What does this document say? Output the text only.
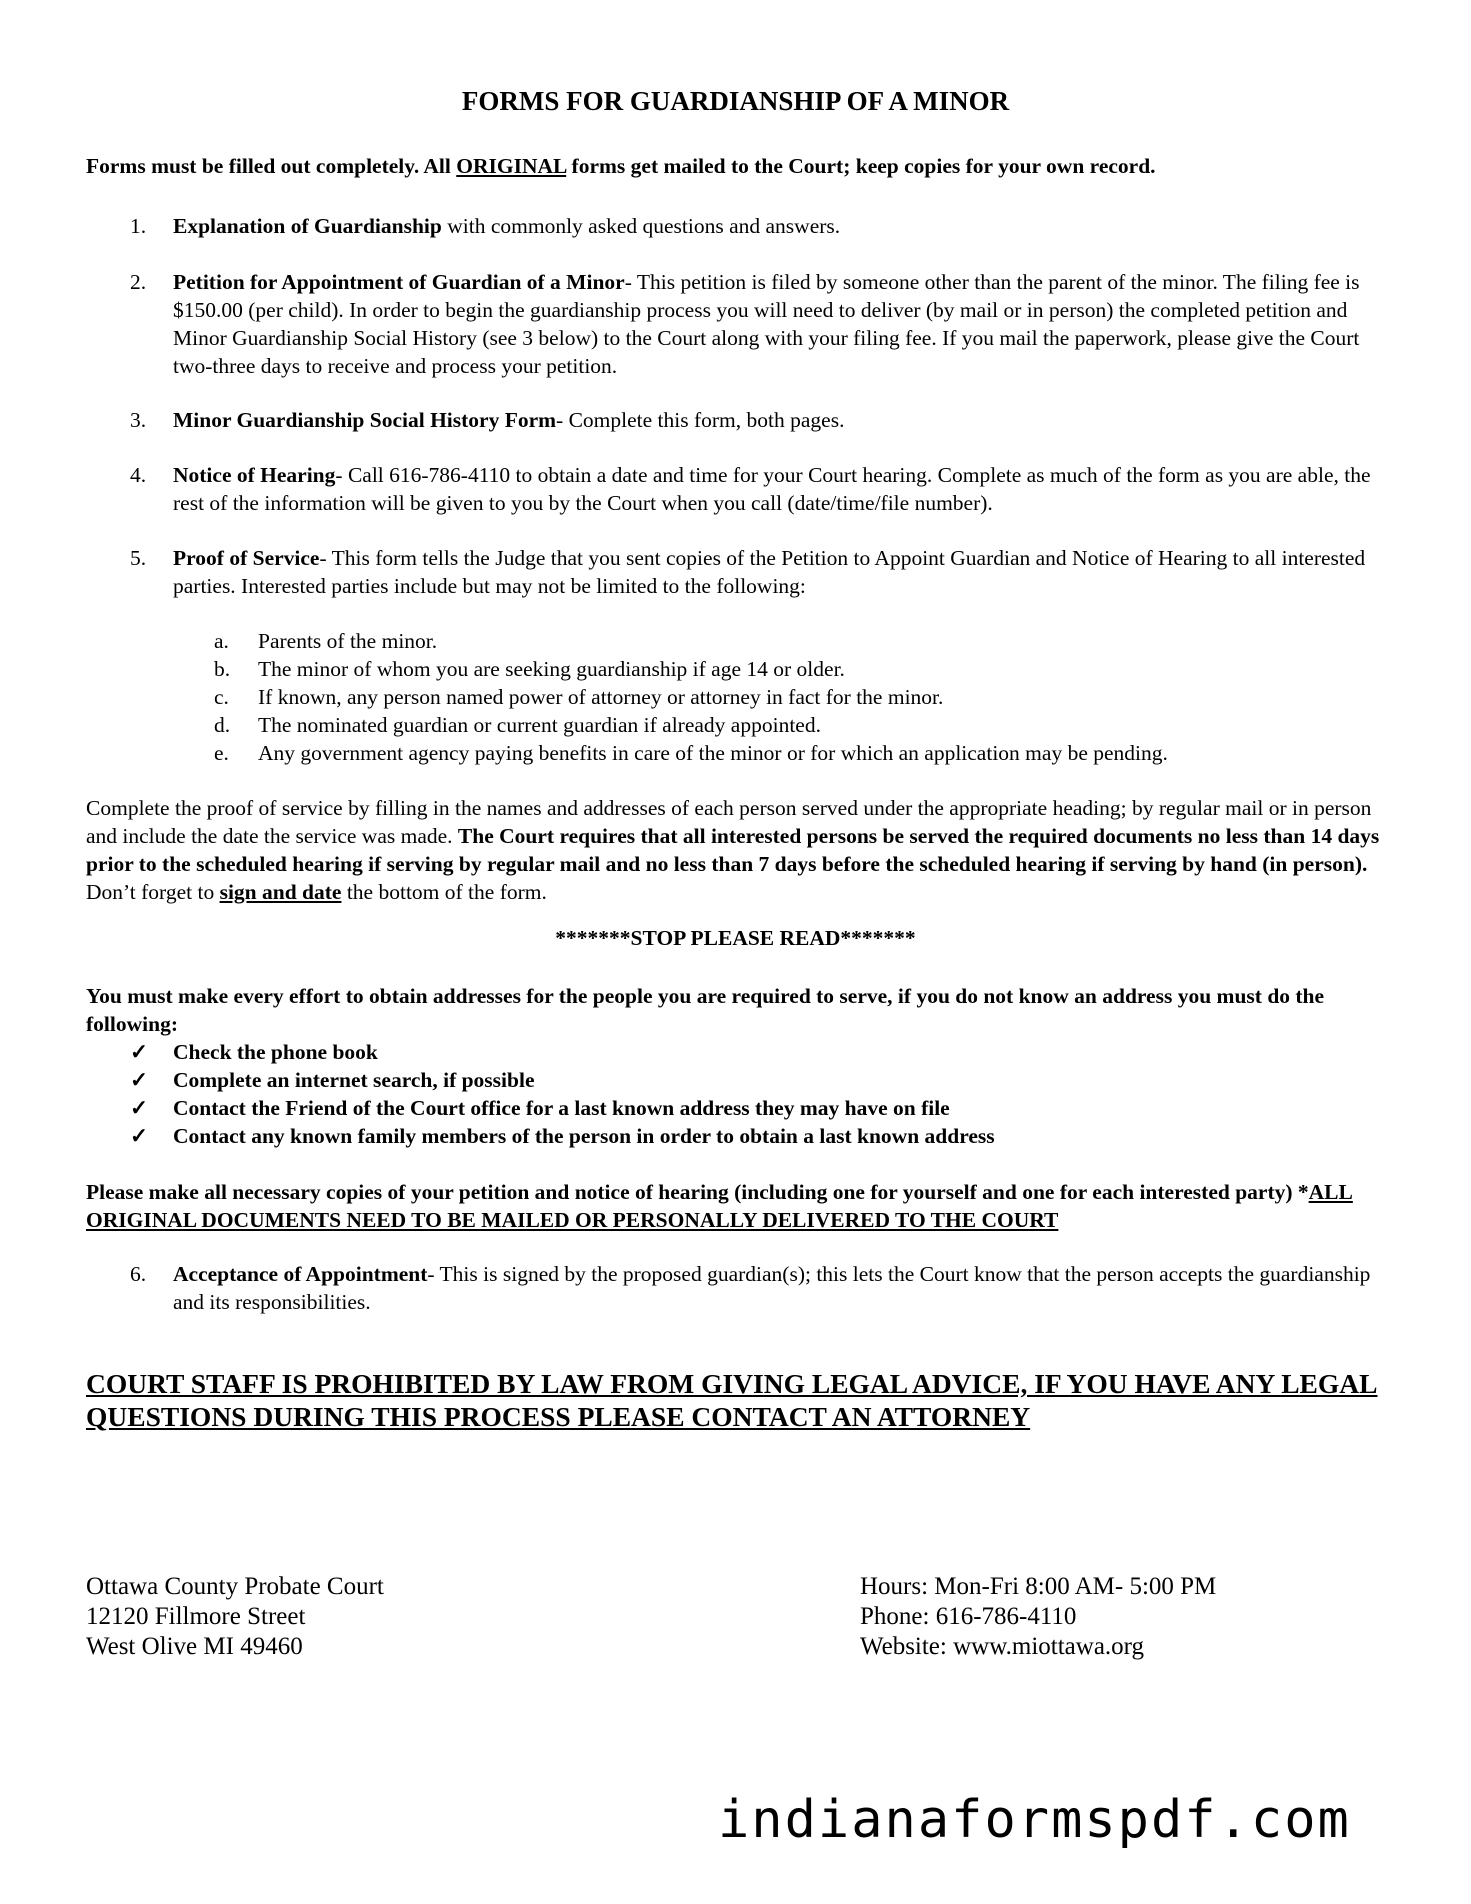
FORMS FOR GUARDIANSHIP OF A MINOR
Forms must be filled out completely. All ORIGINAL forms get mailed to the Court; keep copies for your own record.
1.	Explanation of Guardianship with commonly asked questions and answers.
2.	Petition for Appointment of Guardian of a Minor- This petition is filed by someone other than the parent of the minor. The filing fee is $150.00 (per child). In order to begin the guardianship process you will need to deliver (by mail or in person) the completed petition and Minor Guardianship Social History (see 3 below) to the Court along with your filing fee. If you mail the paperwork, please give the Court two-three days to receive and process your petition.
3.	Minor Guardianship Social History Form- Complete this form, both pages.
4.	Notice of Hearing- Call 616-786-4110 to obtain a date and time for your Court hearing. Complete as much of the form as you are able, the rest of the information will be given to you by the Court when you call (date/time/file number).
5.	Proof of Service- This form tells the Judge that you sent copies of the Petition to Appoint Guardian and Notice of Hearing to all interested parties. Interested parties include but may not be limited to the following:
a.	Parents of the minor.
b.	The minor of whom you are seeking guardianship if age 14 or older.
c.	If known, any person named power of attorney or attorney in fact for the minor.
d.	The nominated guardian or current guardian if already appointed.
e.	Any government agency paying benefits in care of the minor or for which an application may be pending.
Complete the proof of service by filling in the names and addresses of each person served under the appropriate heading; by regular mail or in person and include the date the service was made. The Court requires that all interested persons be served the required documents no less than 14 days prior to the scheduled hearing if serving by regular mail and no less than 7 days before the scheduled hearing if serving by hand (in person). Don’t forget to sign and date the bottom of the form.
*******STOP PLEASE READ*******
You must make every effort to obtain addresses for the people you are required to serve, if you do not know an address you must do the following:
✓	Check the phone book
✓	Complete an internet search, if possible
✓	Contact the Friend of the Court office for a last known address they may have on file
✓	Contact any known family members of the person in order to obtain a last known address
Please make all necessary copies of your petition and notice of hearing (including one for yourself and one for each interested party) *ALL ORIGINAL DOCUMENTS NEED TO BE MAILED OR PERSONALLY DELIVERED TO THE COURT
6.	Acceptance of Appointment- This is signed by the proposed guardian(s); this lets the Court know that the person accepts the guardianship and its responsibilities.
COURT STAFF IS PROHIBITED BY LAW FROM GIVING LEGAL ADVICE, IF YOU HAVE ANY LEGAL QUESTIONS DURING THIS PROCESS PLEASE CONTACT AN ATTORNEY
Ottawa County Probate Court
12120 Fillmore Street
West Olive MI 49460
Hours: Mon-Fri 8:00 AM- 5:00 PM
Phone: 616-786-4110
Website: www.miottawa.org
indianaformspdf.com
